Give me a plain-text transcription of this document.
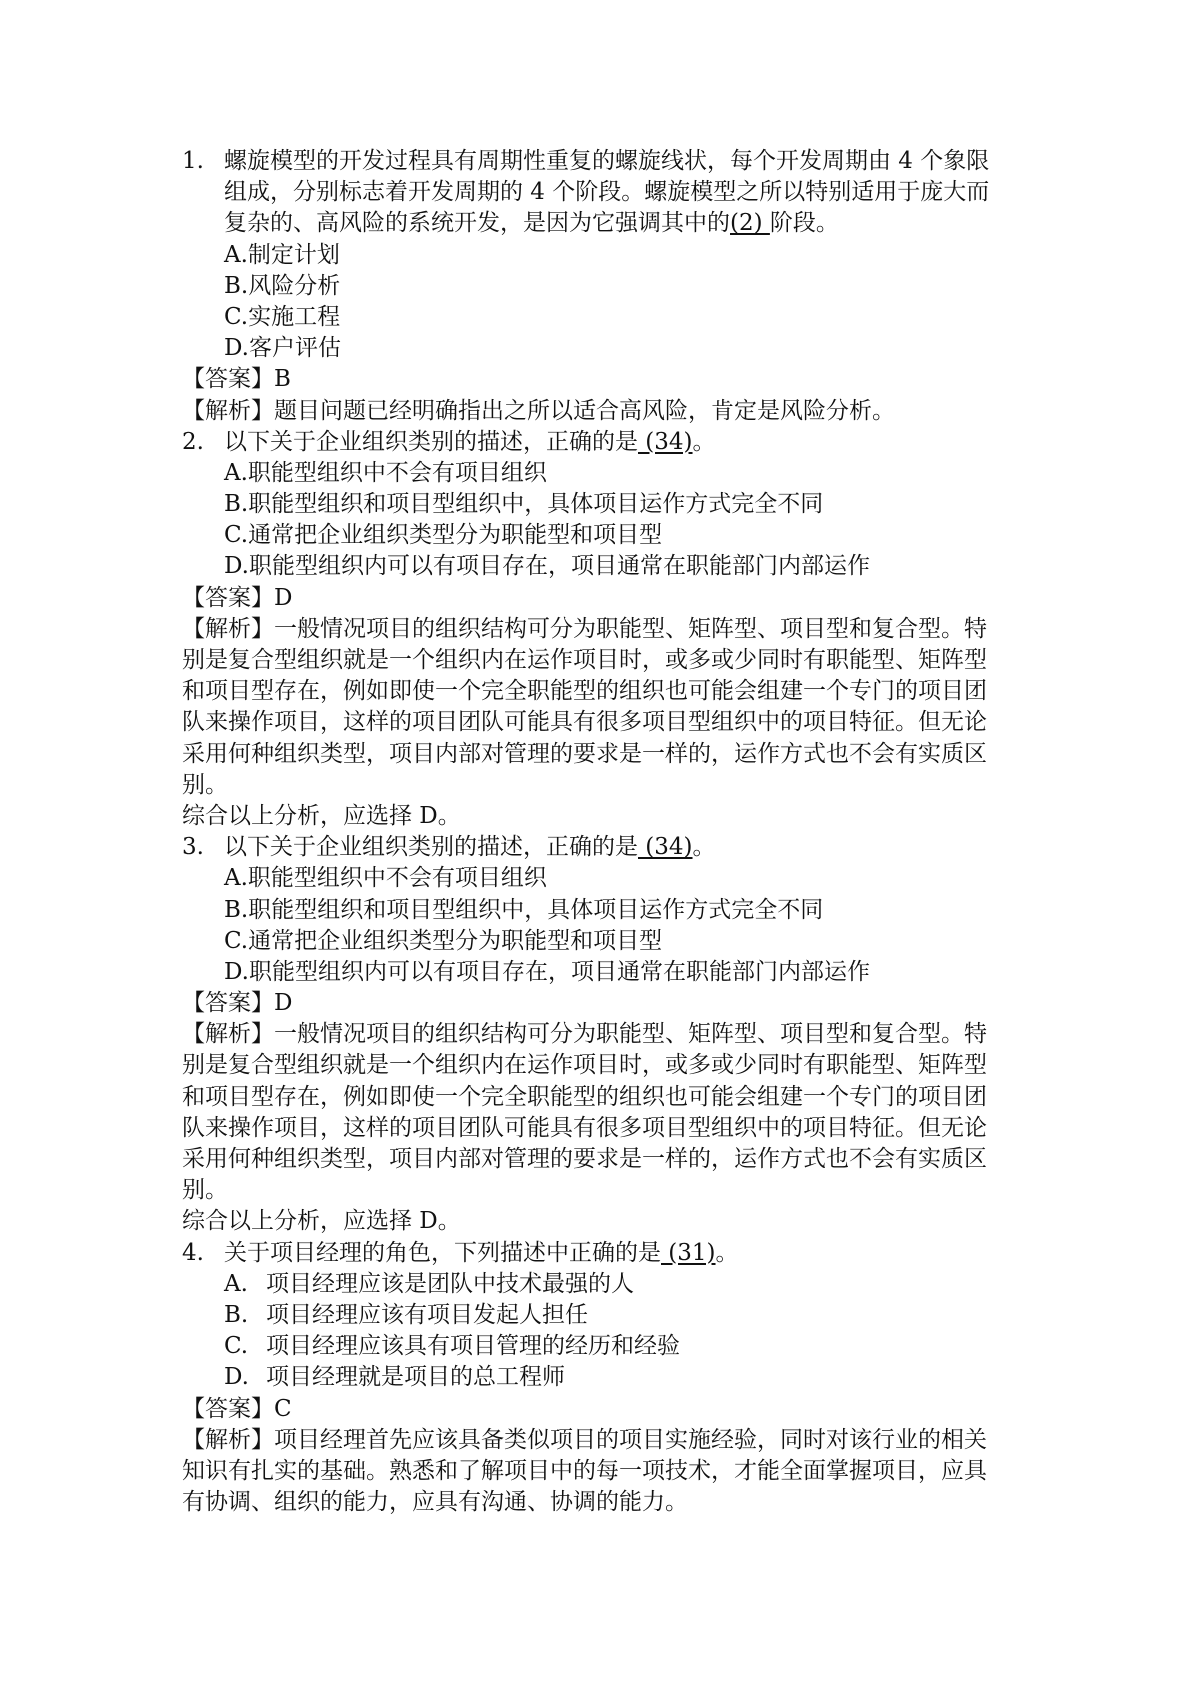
1. 螺旋模型的开发过程具有周期性重复的螺旋线状，每个开发周期由 4 个象限
组成，分别标志着开发周期的 4 个阶段。螺旋模型之所以特别适用于庞大而
复杂的、高风险的系统开发，是因为它强调其中的(2) 阶段。
A.制定计划
B.风险分析
C.实施工程
D.客户评估
【答案】B
【解析】题目问题已经明确指出之所以适合高风险，肯定是风险分析。
2. 以下关于企业组织类别的描述，正确的是 (34)。
A.职能型组织中不会有项目组织
B.职能型组织和项目型组织中，具体项目运作方式完全不同
C.通常把企业组织类型分为职能型和项目型
D.职能型组织内可以有项目存在，项目通常在职能部门内部运作
【答案】D
【解析】一般情况项目的组织结构可分为职能型、矩阵型、项目型和复合型。特
别是复合型组织就是一个组织内在运作项目时，或多或少同时有职能型、矩阵型
和项目型存在，例如即使一个完全职能型的组织也可能会组建一个专门的项目团
队来操作项目，这样的项目团队可能具有很多项目型组织中的项目特征。但无论
采用何种组织类型，项目内部对管理的要求是一样的，运作方式也不会有实质区
别。
综合以上分析，应选择 D。
3. 以下关于企业组织类别的描述，正确的是 (34)。
A.职能型组织中不会有项目组织
B.职能型组织和项目型组织中，具体项目运作方式完全不同
C.通常把企业组织类型分为职能型和项目型
D.职能型组织内可以有项目存在，项目通常在职能部门内部运作
【答案】D
【解析】一般情况项目的组织结构可分为职能型、矩阵型、项目型和复合型。特
别是复合型组织就是一个组织内在运作项目时，或多或少同时有职能型、矩阵型
和项目型存在，例如即使一个完全职能型的组织也可能会组建一个专门的项目团
队来操作项目，这样的项目团队可能具有很多项目型组织中的项目特征。但无论
采用何种组织类型，项目内部对管理的要求是一样的，运作方式也不会有实质区
别。
综合以上分析，应选择 D。
4. 关于项目经理的角色，下列描述中正确的是 (31)。
A. 项目经理应该是团队中技术最强的人
B. 项目经理应该有项目发起人担任
C. 项目经理应该具有项目管理的经历和经验
D. 项目经理就是项目的总工程师
【答案】C
【解析】项目经理首先应该具备类似项目的项目实施经验，同时对该行业的相关
知识有扎实的基础。熟悉和了解项目中的每一项技术，才能全面掌握项目，应具
有协调、组织的能力，应具有沟通、协调的能力。
